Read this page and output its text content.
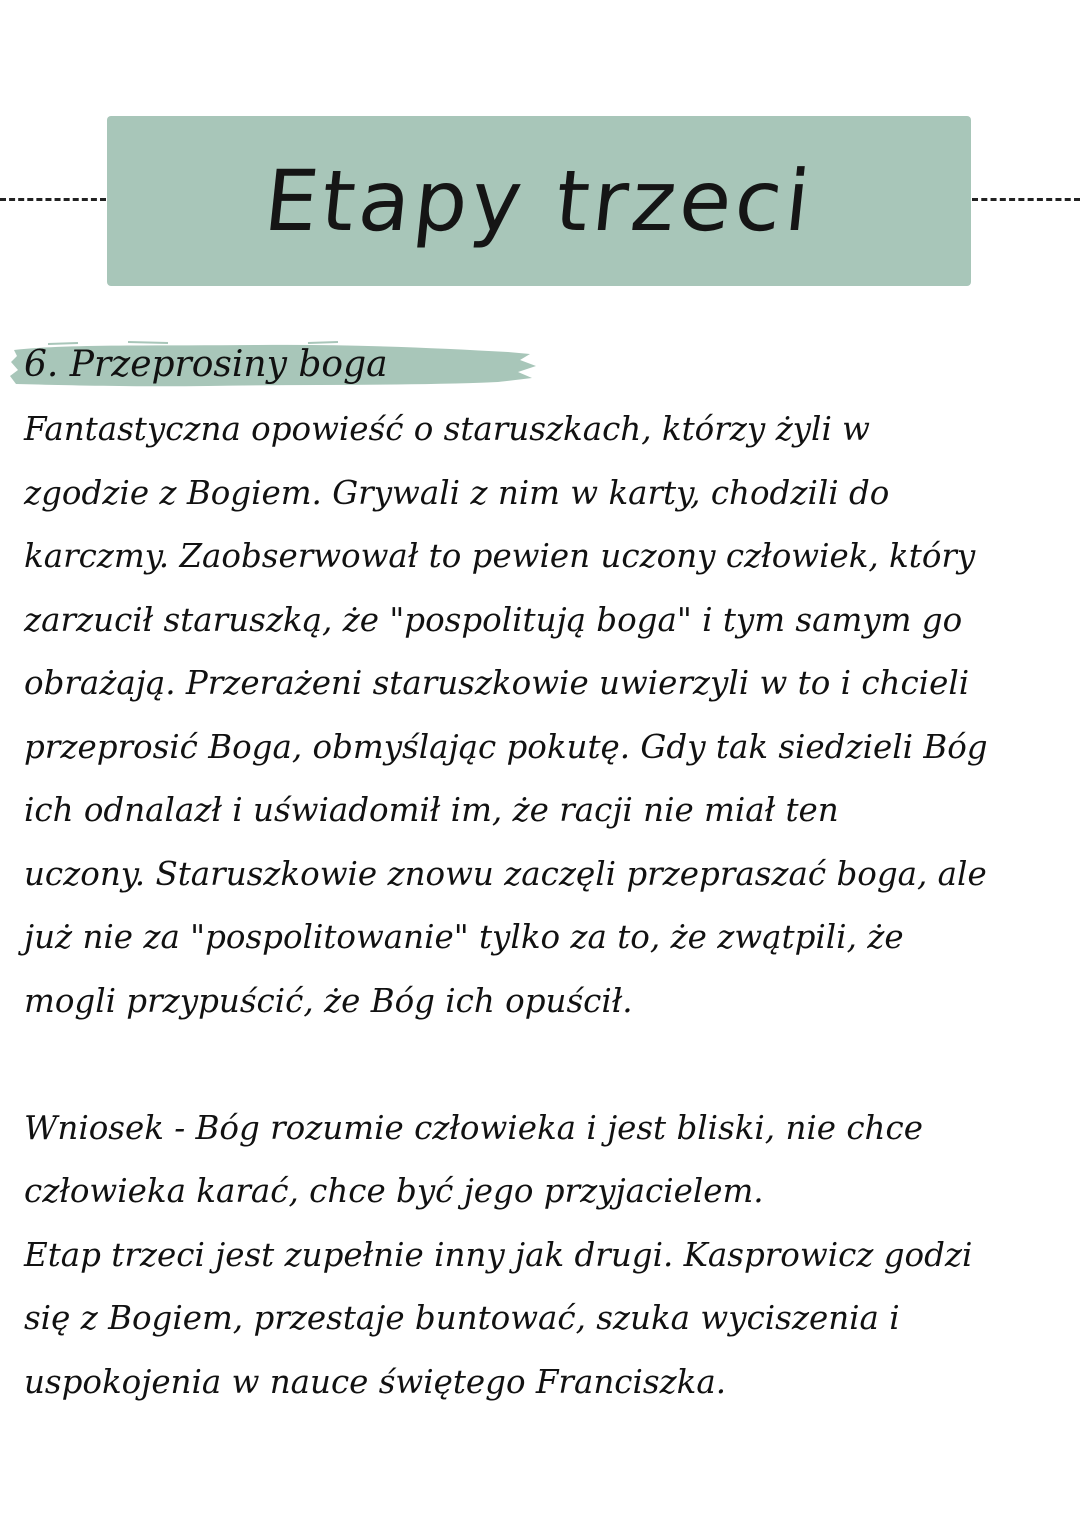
Etapy trzeci
6. Przeprosiny boga
Fantastyczna opowieść o staruszkach, którzy żyli w
zgodzie z Bogiem. Grywali z nim w karty, chodzili do
karczmy. Zaobserwował to pewien uczony człowiek, który
zarzucił staruszką, że "pospolitują boga" i tym samym go
obrażają. Przerażeni staruszkowie uwierzyli w to i chcieli
przeprosić Boga, obmyślając pokutę. Gdy tak siedzieli Bóg
ich odnalazł i uświadomił im, że racji nie miał ten
uczony. Staruszkowie znowu zaczęli przepraszać boga, ale
już nie za "pospolitowanie" tylko za to, że zwątpili, że
mogli przypuścić, że Bóg ich opuścił.
Wniosek - Bóg rozumie człowieka i jest bliski, nie chce
człowieka karać, chce być jego przyjacielem.
Etap trzeci jest zupełnie inny jak drugi. Kasprowicz godzi
się z Bogiem, przestaje buntować, szuka wyciszenia i
uspokojenia w nauce świętego Franciszka.
